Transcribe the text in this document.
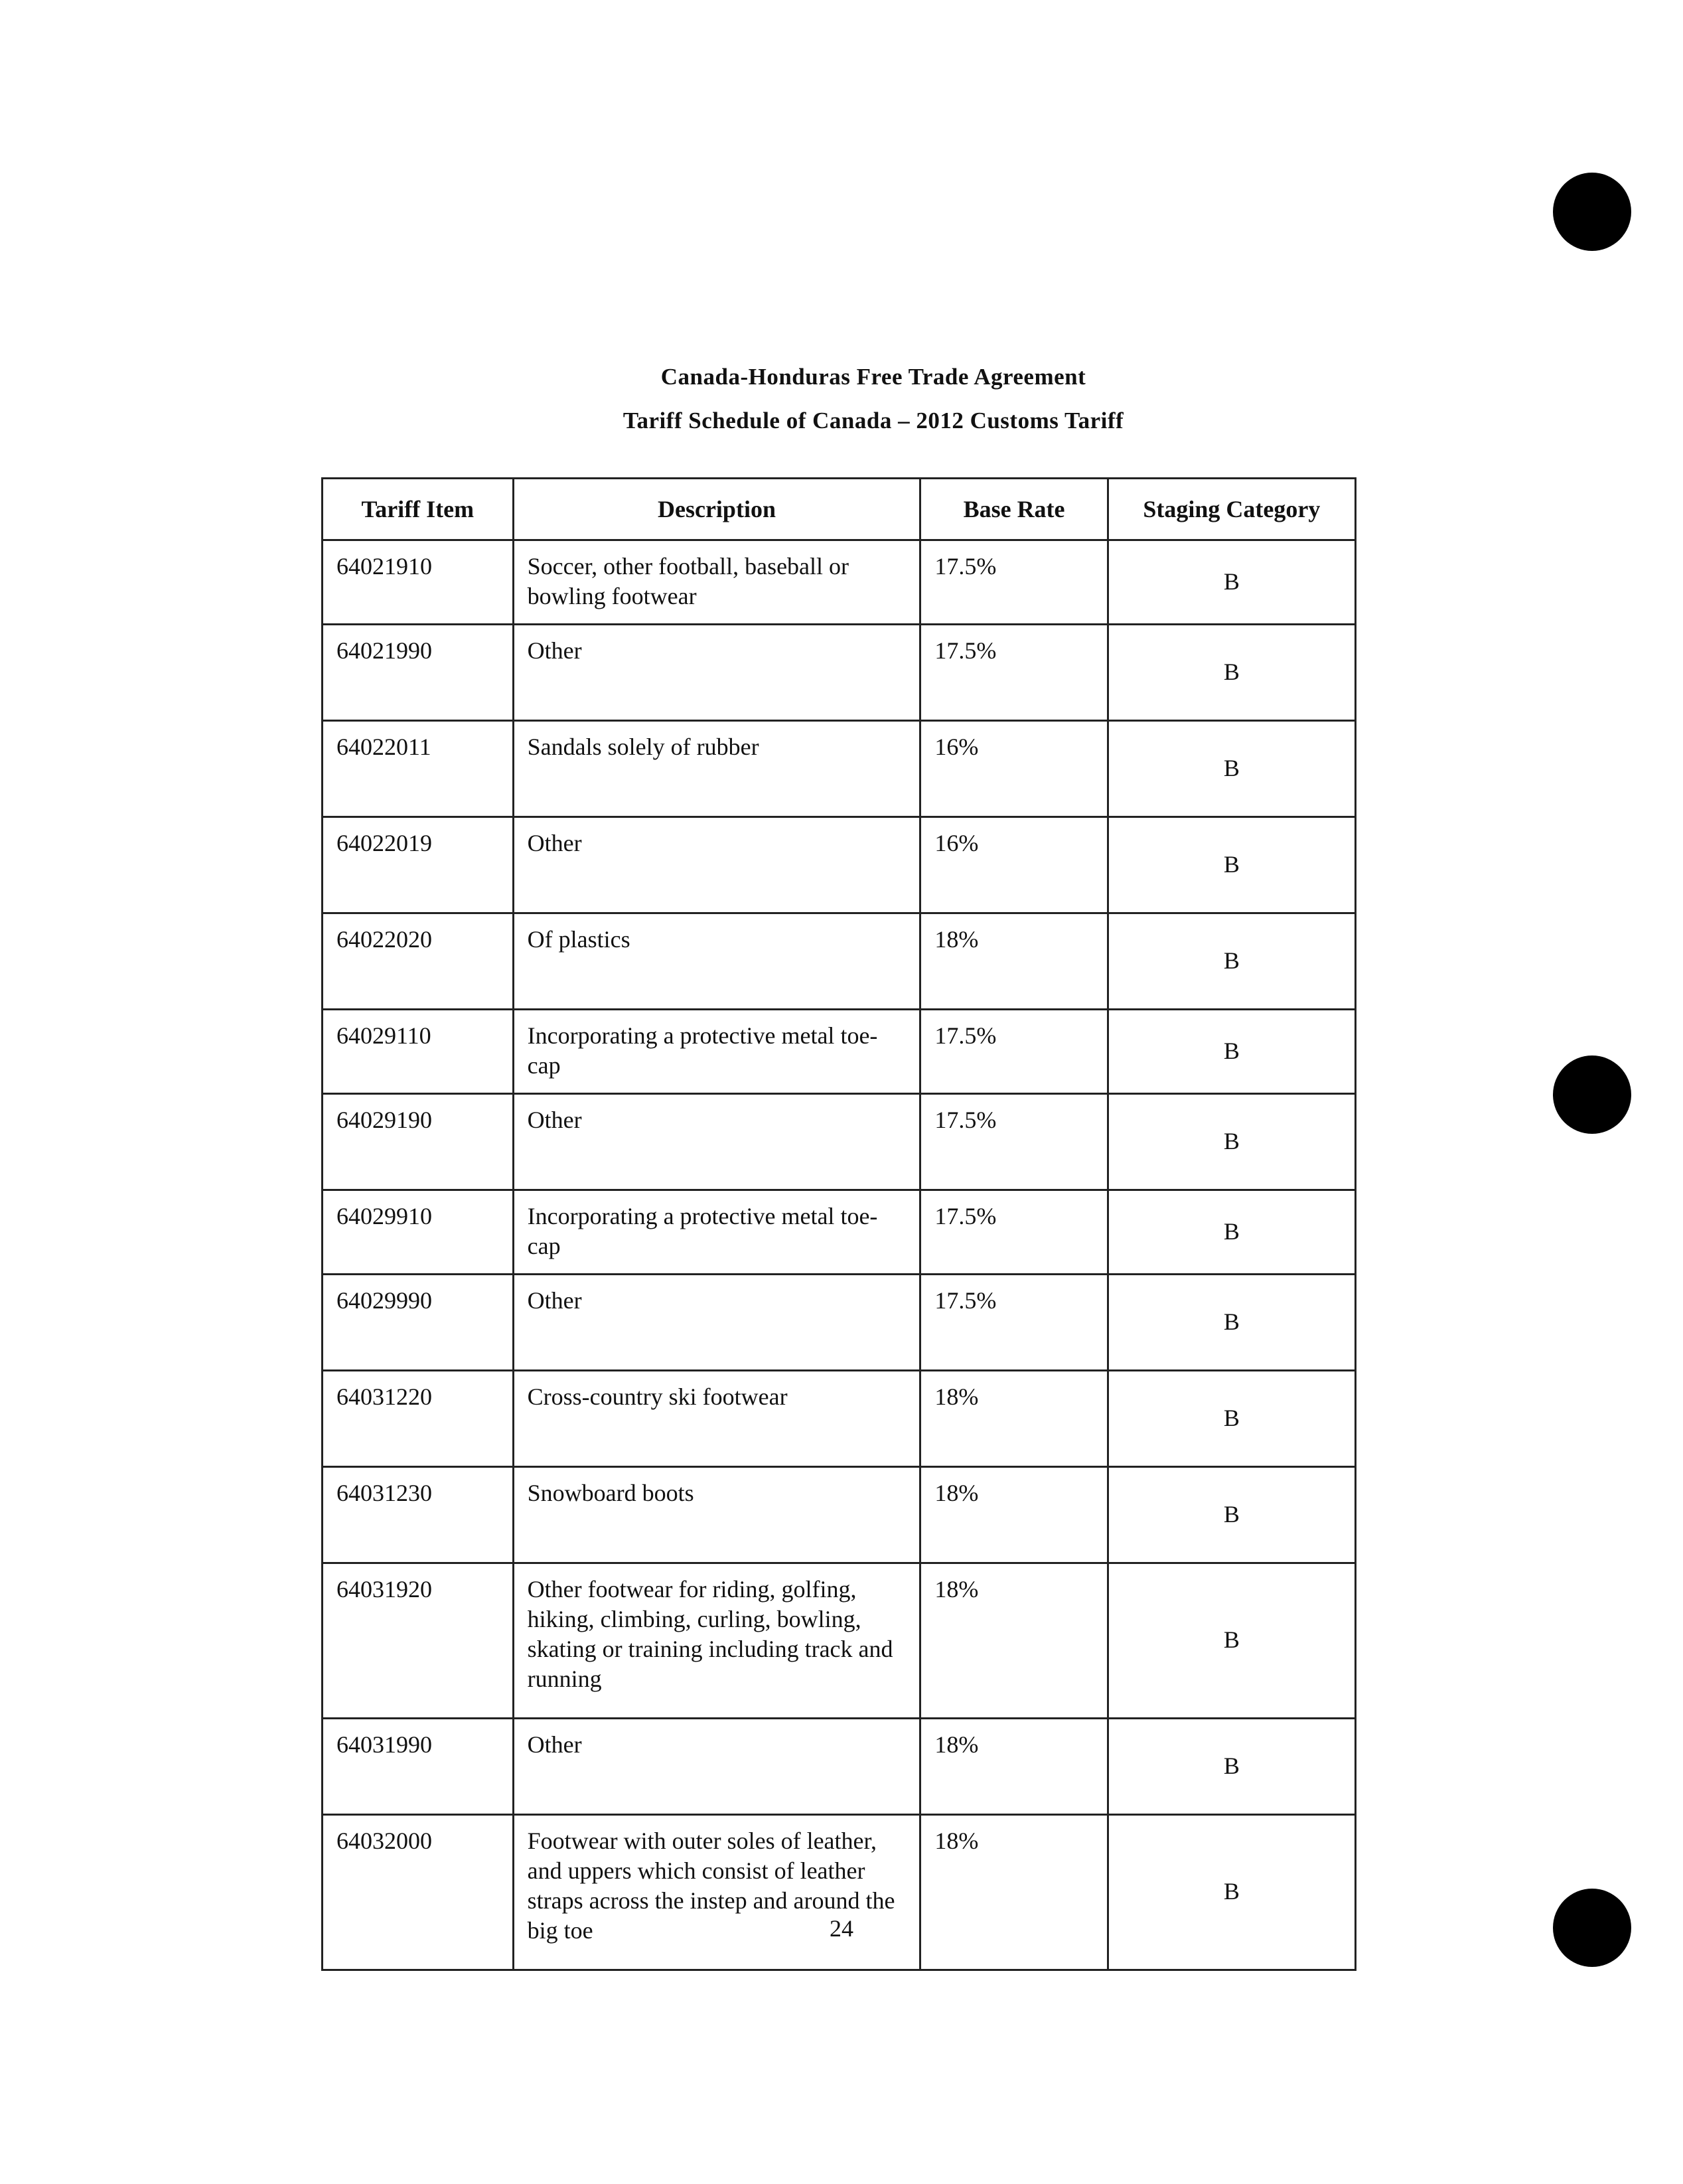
Canada-Honduras Free Trade Agreement
Tariff Schedule of Canada – 2012 Customs Tariff
Tariff Item	Description	Base Rate	Staging Category
64021910	Soccer, other football, baseball or bowling footwear	17.5%	B
64021990	Other	17.5%	B
64022011	Sandals solely of rubber	16%	B
64022019	Other	16%	B
64022020	Of plastics	18%	B
64029110	Incorporating a protective metal toe-cap	17.5%	B
64029190	Other	17.5%	B
64029910	Incorporating a protective metal toe-cap	17.5%	B
64029990	Other	17.5%	B
64031220	Cross-country ski footwear	18%	B
64031230	Snowboard boots	18%	B
64031920	Other footwear for riding, golfing, hiking, climbing, curling, bowling, skating or training including track and running	18%	B
64031990	Other	18%	B
64032000	Footwear with outer soles of leather, and uppers which consist of leather straps across the instep and around the big toe	18%	B
24
